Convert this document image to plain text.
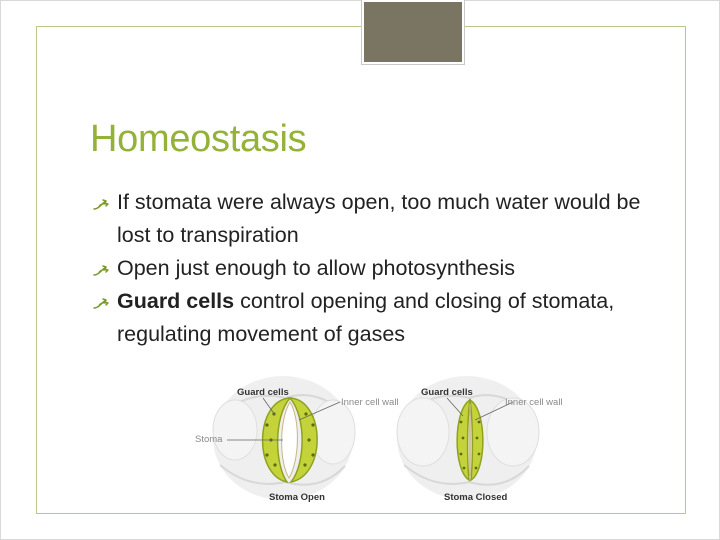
Homeostasis
If stomata were always open, too much water would be lost to transpiration
Open just enough to allow photosynthesis
Guard cells control opening and closing of stomata, regulating movement of gases
Guard cells
Inner cell wall
Stoma
Stoma Open
Guard cells
Inner cell wall
Stoma Closed
